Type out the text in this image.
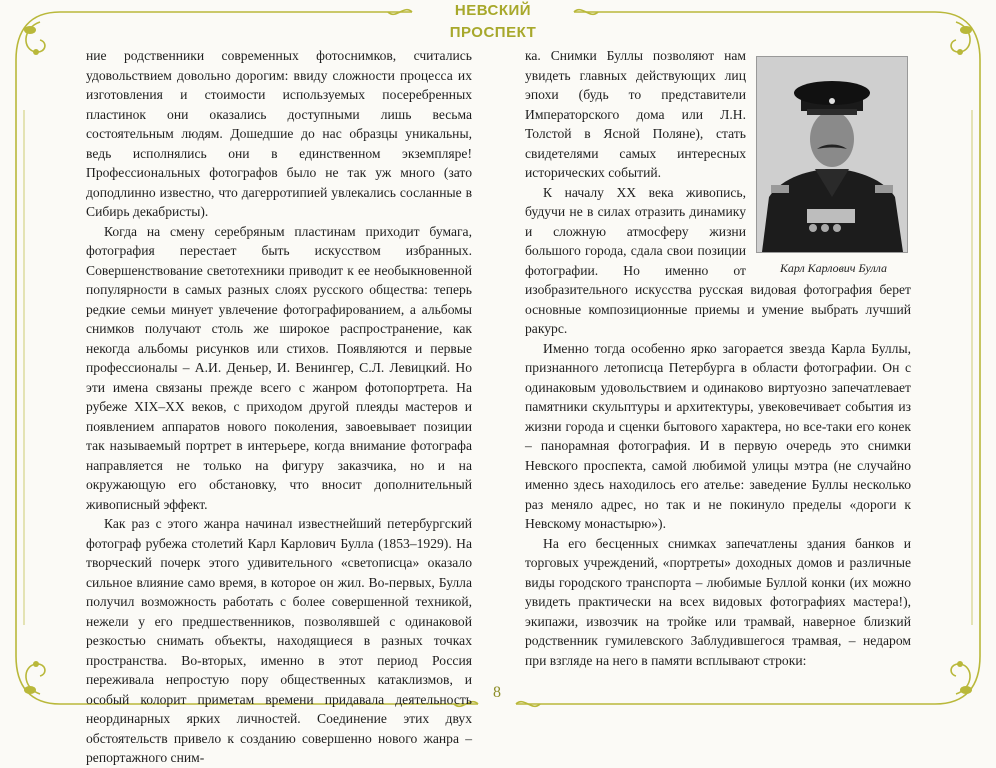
НЕВСКИЙ ПРОСПЕКТ

ние родственники современных фотоснимков, считались удовольствием довольно дорогим: ввиду сложности процесса их изготовления и стоимости используемых посеребренных пластинок они оказались доступными лишь весьма состоятельным людям. Дошедшие до нас образцы уникальны, ведь исполнялись они в единственном экземпляре! Профессиональных фотографов было не так уж много (зато доподлинно известно, что дагерротипией увлекались сосланные в Сибирь декабристы).

Когда на смену серебряным пластинам приходит бумага, фотография перестает быть искусством избранных. Совершенствование светотехники приводит к ее необыкновенной популярности в самых разных слоях русского общества: теперь редкие семьи минует увлечение фотографированием, а альбомы снимков получают столь же широкое распространение, как некогда альбомы рисунков или стихов. Появляются и первые профессионалы – А.И. Деньер, И. Венингер, С.Л. Левицкий. Но эти имена связаны прежде всего с жанром фотопортрета. На рубеже XIX–XX веков, с приходом другой плеяды мастеров и появлением аппаратов нового поколения, завоевывает позиции так называемый портрет в интерьере, когда внимание фотографа направляется не только на фигуру заказчика, но и на окружающую его обстановку, что вносит дополнительный живописный эффект.

Как раз с этого жанра начинал известнейший петербургский фотограф рубежа столетий Карл Карлович Булла (1853–1929). На творческий почерк этого удивительного «светописца» оказало сильное влияние само время, в которое он жил. Во-первых, Булла получил возможность работать с более совершенной техникой, нежели у его предшественников, позволявшей с одинаковой резкостью снимать объекты, находящиеся в разных точках пространства. Во-вторых, именно в этот период Россия переживала непростую пору общественных катаклизмов, и особый колорит приметам времени придавала деятельность неординарных ярких личностей. Соединение этих двух обстоятельств привело к созданию совершенно нового жанра – репортажного сним-

Карл Карлович Булла

ка. Снимки Буллы позволяют нам увидеть главных действующих лиц эпохи (будь то представители Императорского дома или Л.Н. Толстой в Ясной Поляне), стать свидетелями самых интересных исторических событий.

К началу XX века живопись, будучи не в силах отразить динамику и сложную атмосферу жизни большого города, сдала свои позиции фотографии. Но именно от изобразительного искусства русская видовая фотография берет основные композиционные приемы и умение выбрать лучший ракурс.

Именно тогда особенно ярко загорается звезда Карла Буллы, признанного летописца Петербурга в области фотографии. Он с одинаковым удовольствием и одинаково виртуозно запечатлевает памятники скульптуры и архитектуры, увековечивает события из жизни города и сценки бытового характера, но все-таки его конек – панорамная фотография. И в первую очередь это снимки Невского проспекта, самой любимой улицы мэтра (не случайно именно здесь находилось его ателье: заведение Буллы несколько раз меняло адрес, но так и не покинуло пределы «дороги к Невскому монастырю»).

На его бесценных снимках запечатлены здания банков и торговых учреждений, «портреты» доходных домов и различные виды городского транспорта – любимые Буллой конки (их можно увидеть практически на всех видовых фотографиях мастера!), экипажи, извозчик на тройке или трамвай, наверное близкий родственник гумилевского Заблудившегося трамвая, – недаром при взгляде на него в памяти всплывают строки:

8
